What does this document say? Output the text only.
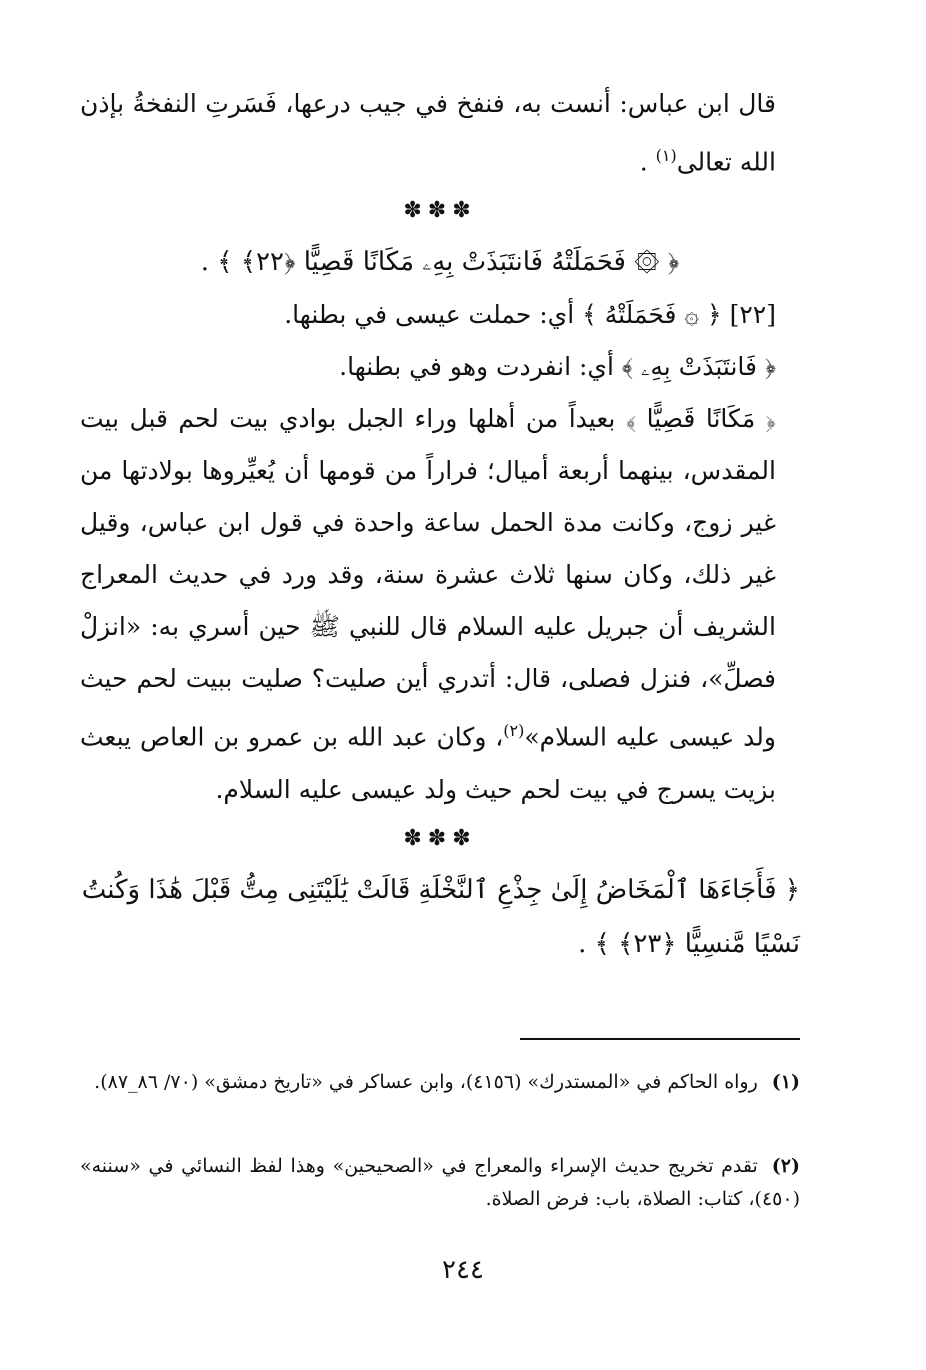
قال ابن عباس: أنست به، فنفخ في جيب درعها، فَسَرتِ النفخةُ بإذن الله تعالى$^{(١)}$ .

✽✽✽

﴿ ۞ فَحَمَلَتْهُ فَانتَبَذَتْ بِهِۦ مَكَانًا قَصِيًّا ﴿٢٢﴾ ﴾ .

[٢٢] ﴿ ۞ فَحَمَلَتْهُ ﴾ أي: حملت عيسى في بطنها.

﴿ فَانتَبَذَتْ بِهِۦ ﴾ أي: انفردت وهو في بطنها.

﴿ مَكَانًا قَصِيًّا ﴾ بعيداً من أهلها وراء الجبل بوادي بيت لحم قبل بيت المقدس، بينهما أربعة أميال؛ فراراً من قومها أن يُعيِّروها بولادتها من غير زوج، وكانت مدة الحمل ساعة واحدة في قول ابن عباس، وقيل غير ذلك، وكان سنها ثلاث عشرة سنة، وقد ورد في حديث المعراج الشريف أن جبريل عليه السلام قال للنبي ﷺ حين أسري به: «انزلْ فصلِّ»، فنزل فصلى، قال: أتدري أين صليت؟ صليت ببيت لحم حيث ولد عيسى عليه السلام»$^{(٢)}$، وكان عبد الله بن عمرو بن العاص يبعث بزيت يسرج في بيت لحم حيث ولد عيسى عليه السلام.

✽✽✽

﴿ فَأَجَاءَهَا ٱلْمَخَاضُ إِلَىٰ جِذْعِ ٱلنَّخْلَةِ قَالَتْ يَٰلَيْتَنِى مِتُّ قَبْلَ هَٰذَا وَكُنتُ نَسْيًا مَّنسِيًّا ﴿٢٣﴾ ﴾ .

(١)رواه الحاكم في «المستدرك» (٤١٥٦)، وابن عساكر في «تاريخ دمشق» (٧٠/ ٨٦_٨٧).
(٢)تقدم تخريج حديث الإسراء والمعراج في «الصحيحين» وهذا لفظ النسائي في «سننه» (٤٥٠)، كتاب: الصلاة، باب: فرض الصلاة.
٢٤٤
